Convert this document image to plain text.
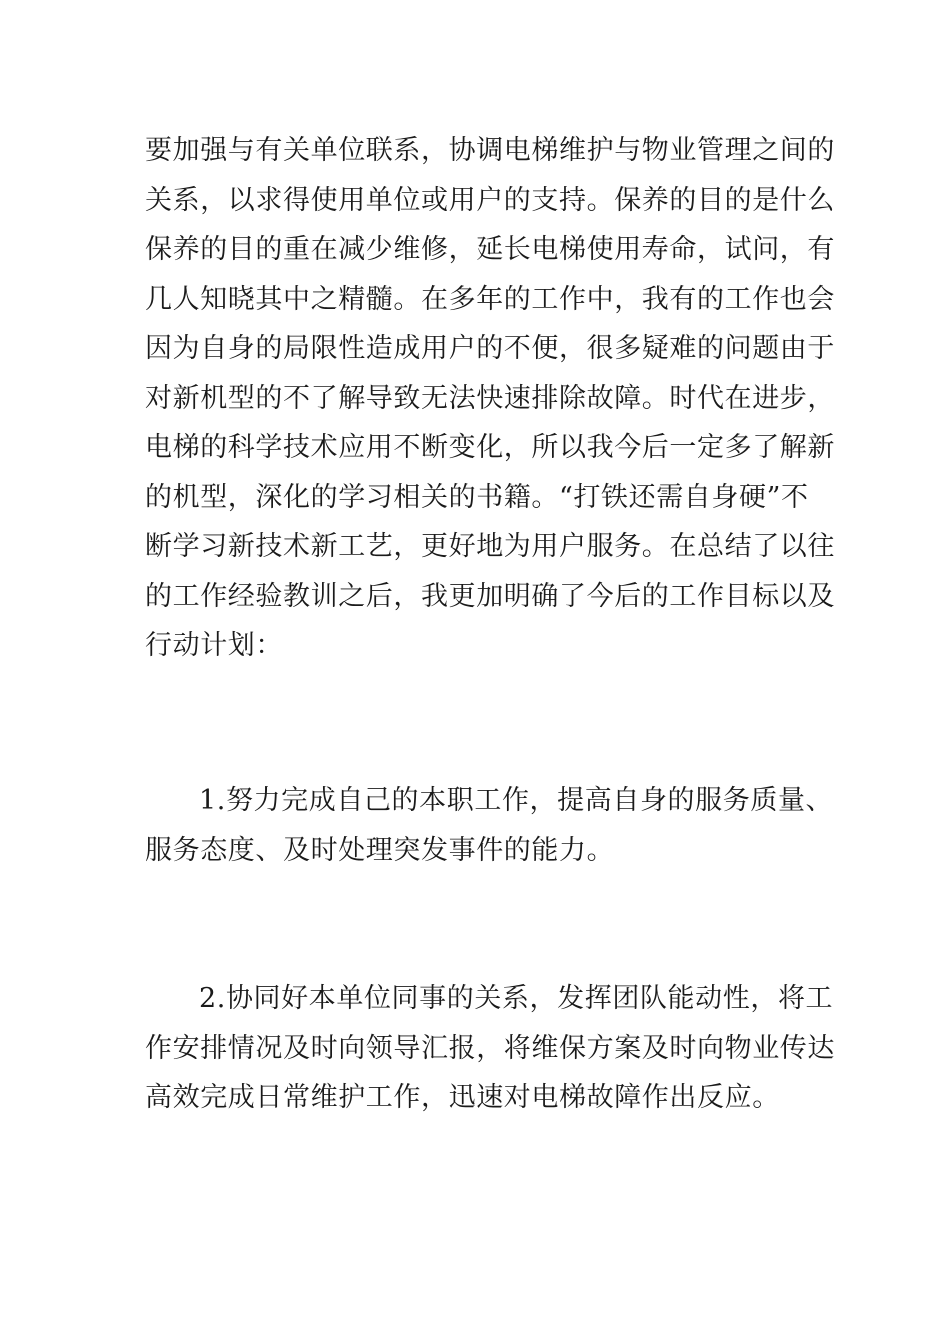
要加强与有关单位联系，协调电梯维护与物业管理之间的
关系，以求得使用单位或用户的支持。保养的目的是什么
保养的目的重在减少维修，延长电梯使用寿命，试问，有
几人知晓其中之精髓。在多年的工作中，我有的工作也会
因为自身的局限性造成用户的不便，很多疑难的问题由于
对新机型的不了解导致无法快速排除故障。时代在进步，
电梯的科学技术应用不断变化，所以我今后一定多了解新
的机型，深化的学习相关的书籍。“打铁还需自身硬”不
断学习新技术新工艺，更好地为用户服务。在总结了以往
的工作经验教训之后，我更加明确了今后的工作目标以及
行动计划：

1.努力完成自己的本职工作，提高自身的服务质量、
服务态度、及时处理突发事件的能力。

2.协同好本单位同事的关系，发挥团队能动性，将工
作安排情况及时向领导汇报，将维保方案及时向物业传达
高效完成日常维护工作，迅速对电梯故障作出反应。
